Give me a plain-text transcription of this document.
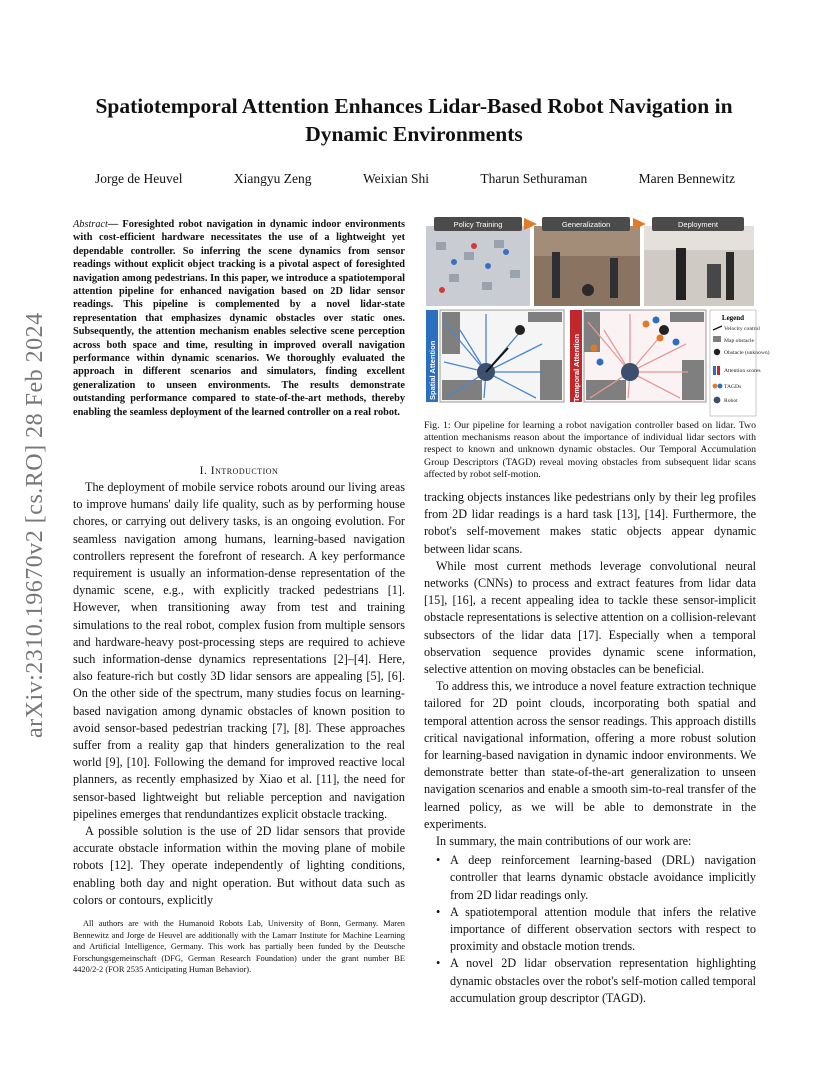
Spatiotemporal Attention Enhances Lidar-Based Robot Navigation in
Dynamic Environments
Jorge de Heuvel	Xiangyu Zeng	Weixian Shi	Tharun Sethuraman	Maren Bennewitz
arXiv:2310.19670v2 [cs.RO] 28 Feb 2024

Abstract— Foresighted robot navigation in dynamic indoor environments with cost-efficient hardware necessitates the use of a lightweight yet dependable controller. So inferring the scene dynamics from sensor readings without explicit object tracking is a pivotal aspect of foresighted navigation among pedestrians. In this paper, we introduce a spatiotemporal attention pipeline for enhanced navigation based on 2D lidar sensor readings. This pipeline is complemented by a novel lidar-state representation that emphasizes dynamic obstacles over static ones. Subsequently, the attention mechanism enables selective scene perception across both space and time, resulting in improved overall navigation performance within dynamic scenarios. We thoroughly evaluated the approach in different scenarios and simulators, finding excellent generalization to unseen environments. The results demonstrate outstanding performance compared to state-of-the-art methods, thereby enabling the seamless deployment of the learned controller on a real robot.

I. Introduction

The deployment of mobile service robots around our living areas to improve humans' daily life quality, such as by performing house chores, or carrying out delivery tasks, is an ongoing evolution. For seamless navigation among humans, learning-based navigation controllers represent the forefront of research. A key performance requirement is usually an information-dense representation of the dynamic scene, e.g., with explicitly tracked pedestrians [1]. However, when transitioning away from test and training simulations to the real robot, complex fusion from multiple sensors and hardware-heavy post-processing steps are required to achieve such information-dense dynamics representations [2]–[4]. Here, also feature-rich but costly 3D lidar sensors are appealing [5], [6]. On the other side of the spectrum, many studies focus on learning-based navigation among dynamic obstacles of known position to avoid sensor-based pedestrian tracking [7], [8]. These approaches suffer from a reality gap that hinders generalization to the real world [9], [10]. Following the demand for improved reactive local planners, as recently emphasized by Xiao et al. [11], the need for sensor-based lightweight but reliable perception and navigation pipelines emerges that rendundantizes explicit obstacle tracking.

A possible solution is the use of 2D lidar sensors that provide accurate obstacle information within the moving plane of mobile robots [12]. They operate independently of lighting conditions, enabling both day and night operation. But without data such as colors or contours, explicitly

All authors are with the Humanoid Robots Lab, University of Bonn, Germany. Maren Bennewitz and Jorge de Heuvel are additionally with the Lamarr Institute for Machine Learning and Artificial Intelligence, Germany. This work has partially been funded by the Deutsche Forschungsgemeinschaft (DFG, German Research Foundation) under the grant number BE 4420/2-2 (FOR 2535 Anticipating Human Behavior).

Policy Training	Generalization	Deployment
Spatial Attention	Temporal Attention
Legend
Velocity control
Map obstacle
Obstacle (unknown)
Attention scores
TAGDs
Robot

Fig. 1: Our pipeline for learning a robot navigation controller based on lidar. Two attention mechanisms reason about the importance of individual lidar sectors with respect to known and unknown dynamic obstacles. Our Temporal Accumulation Group Descriptors (TAGD) reveal moving obstacles from subsequent lidar scans affected by robot self-motion.

tracking objects instances like pedestrians only by their leg profiles from 2D lidar readings is a hard task [13], [14]. Furthermore, the robot's self-movement makes static objects appear dynamic between lidar scans.

While most current methods leverage convolutional neural networks (CNNs) to process and extract features from lidar data [15], [16], a recent appealing idea to tackle these sensor-implicit obstacle representations is selective attention on a collision-relevant subsectors of the lidar data [17]. Especially when a temporal observation sequence provides dynamic scene information, selective attention on moving obstacles can be beneficial.

To address this, we introduce a novel feature extraction technique tailored for 2D point clouds, incorporating both spatial and temporal attention across the sensor readings. This approach distills critical navigational information, offering a more robust solution for learning-based navigation in dynamic indoor environments. We demonstrate better than state-of-the-art generalization to unseen navigation scenarios and enable a smooth sim-to-real transfer of the learned policy, as we will be able to demonstrate in the experiments.

In summary, the main contributions of our work are:

• A deep reinforcement learning-based (DRL) navigation controller that learns dynamic obstacle avoidance implicitly from 2D lidar readings only.
• A spatiotemporal attention module that infers the relative importance of different observation sectors with respect to proximity and obstacle motion trends.
• A novel 2D lidar observation representation highlighting dynamic obstacles over the robot's self-motion called temporal accumulation group descriptor (TAGD).
